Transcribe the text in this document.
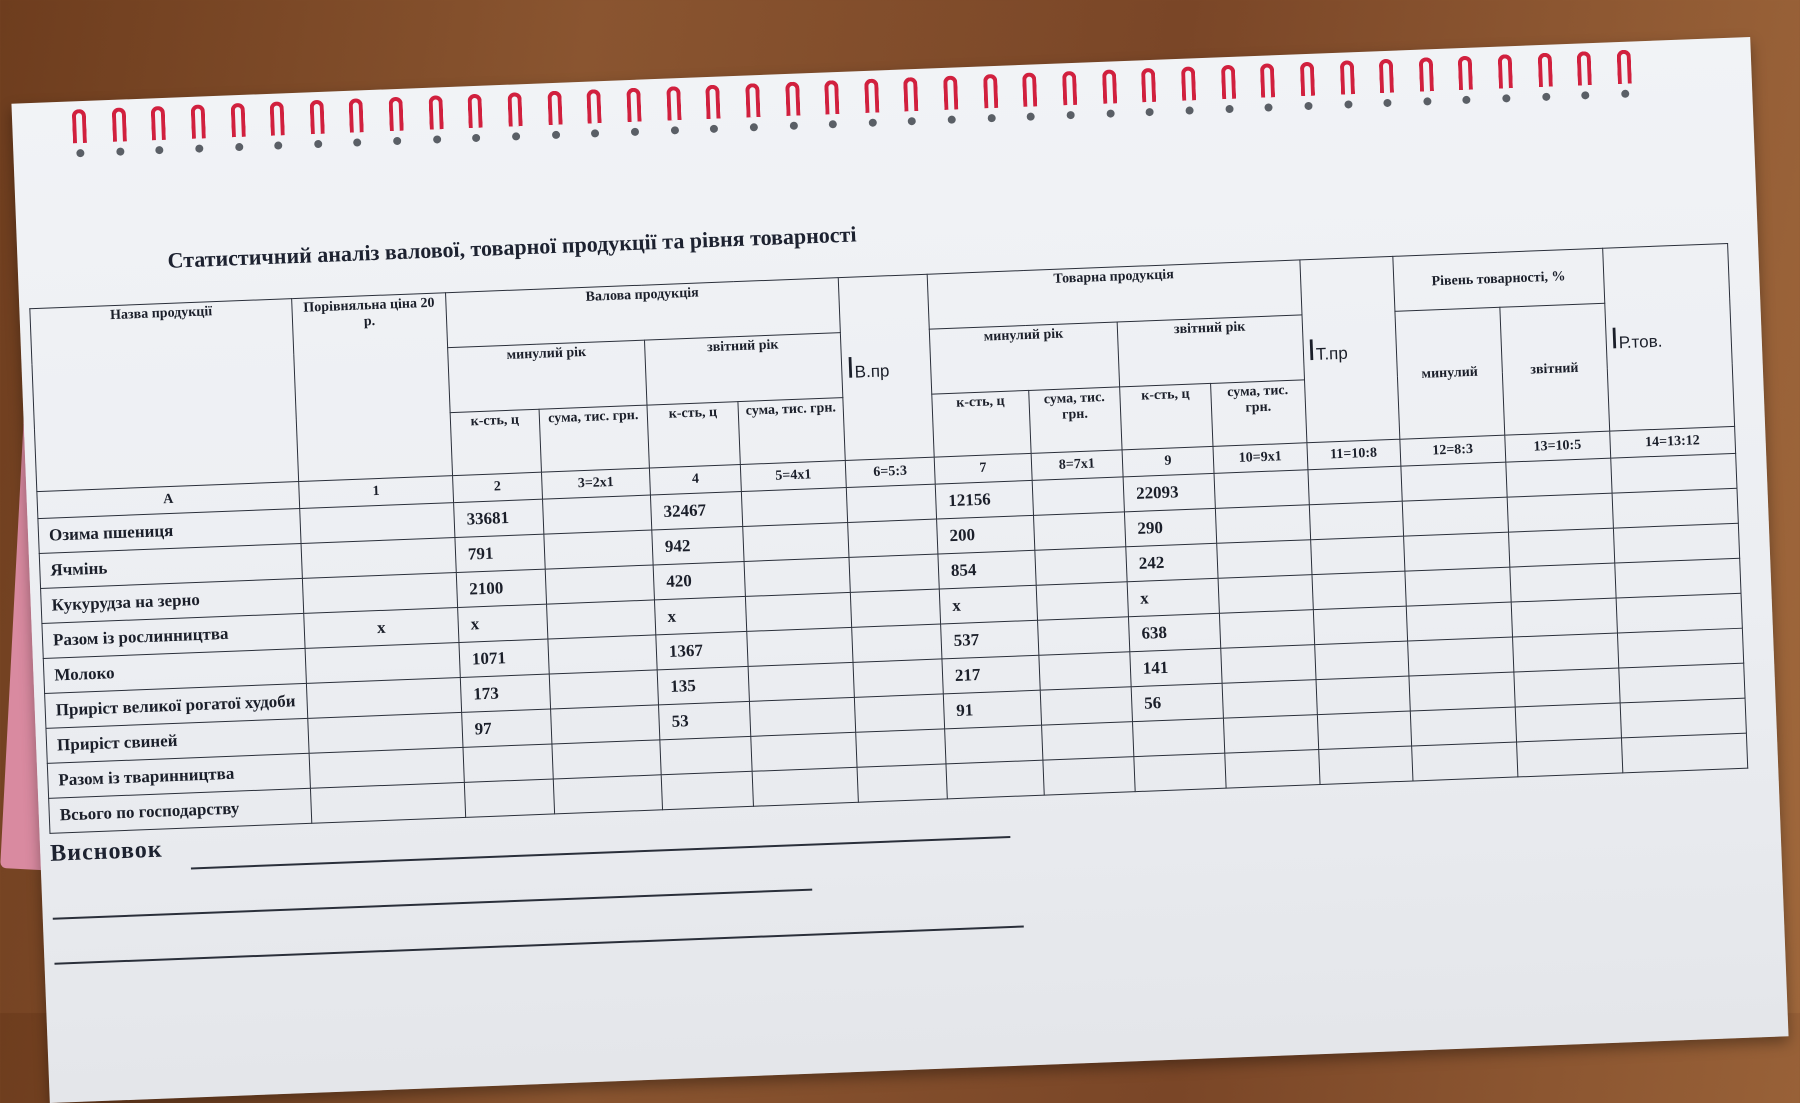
Статистичний аналіз валової, товарної продукції та рівня товарності
Назва продукції	Порівняльна ціна 20 р.	Валова продукція				IВ.пр	Товарна продукція				IТ.пр	Рівень товарності, %		IР.тов.
		минулий рік		звітний рік			минулий рік		звітний рік			минулий	звітний	
		к-сть, ц	сума, тис. грн.	к-сть, ц	сума, тис. грн.		к-сть, ц	сума, тис. грн.	к-сть, ц	сума, тис. грн.				
А	1	2	3=2x1	4	5=4x1	6=5:3	7	8=7x1	9	10=9x1	11=10:8	12=8:3	13=10:5	14=13:12
Озима пшениця		33681		32467			12156		22093					
Ячмінь		791		942			200		290					
Кукурудза на зерно		2100		420			854		242					
Разом із рослинництва	x	x		x			x		x					
Молоко		1071		1367			537		638					
Приріст великої рогатої худоби		173		135			217		141					
Приріст свиней		97		53			91		56					
Разом із тваринництва														
Всього по господарству														
Висновок
